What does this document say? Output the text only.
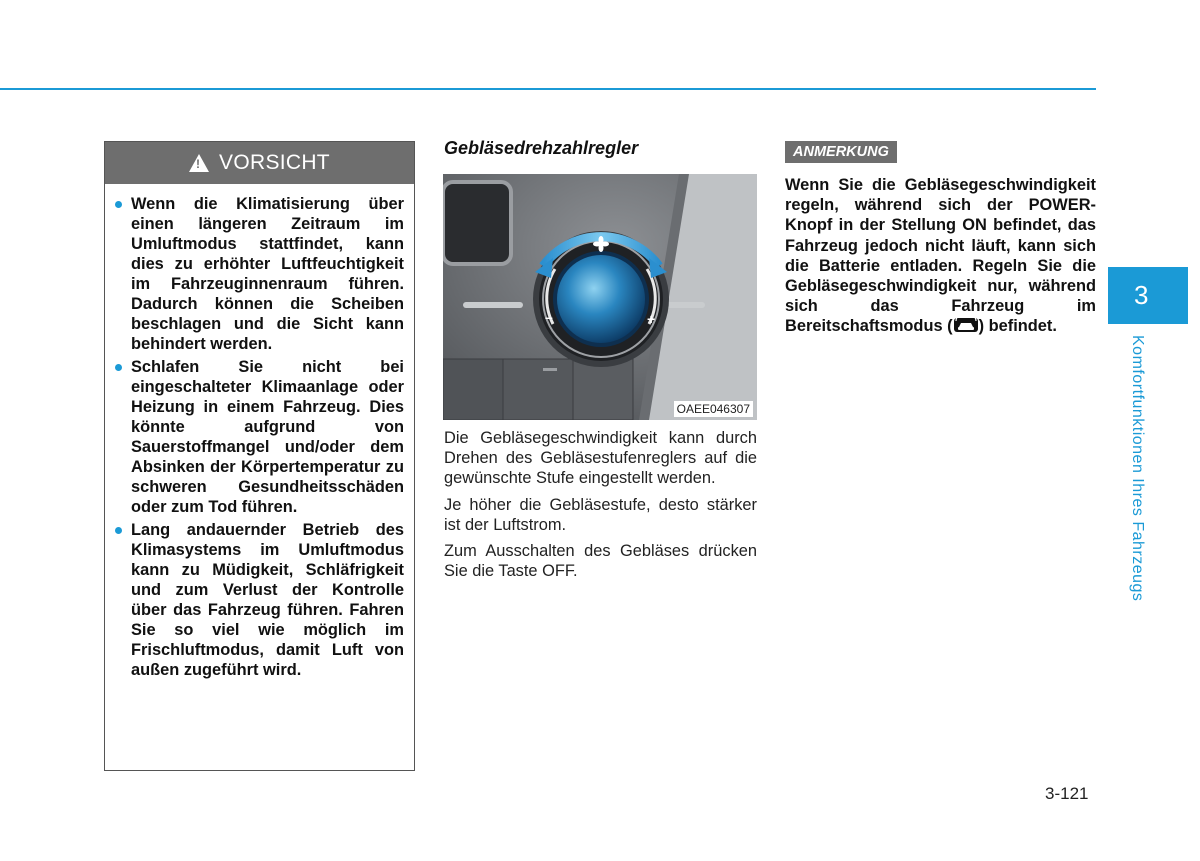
!
VORSICHT
Wenn die Klimatisierung über einen längeren Zeitraum im Umluftmodus stattfindet, kann dies zu erhöhter Luftfeuchtigkeit im Fahrzeuginnenraum führen. Dadurch können die Scheiben beschlagen und die Sicht kann behindert werden.
Schlafen Sie nicht bei eingeschalteter Klimaanlage oder Heizung in einem Fahrzeug. Dies könnte aufgrund von Sauerstoffmangel und/oder dem Absinken der Körpertemperatur zu schweren Gesundheitsschäden oder zum Tod führen.
Lang andauernder Betrieb des Klimasystems im Umluftmodus kann zu Müdigkeit, Schläfrigkeit und zum Verlust der Kontrolle über das Fahrzeug führen. Fahren Sie so viel wie möglich im Frischluftmodus, damit Luft von außen zugeführt wird.
Gebläsedrehzahlregler
–	+
OAEE046307

Die Gebläsegeschwindigkeit kann durch Drehen des Gebläsestufenreglers auf die gewünschte Stufe eingestellt werden.

Je höher die Gebläsestufe, desto stärker ist der Luftstrom.

Zum Ausschalten des Gebläses drücken Sie die Taste OFF.

ANMERKUNG
Wenn Sie die Gebläsegeschwindigkeit regeln, während sich der POWER-Knopf in der Stellung ON befindet, das Fahrzeug jedoch nicht läuft, kann sich die Batterie entladen. Regeln Sie die Gebläsegeschwindigkeit nur, während sich das Fahrzeug im Bereitschaftsmodus ( ) befindet.
3
Komfortfunktionen Ihres Fahrzeugs
3-121
